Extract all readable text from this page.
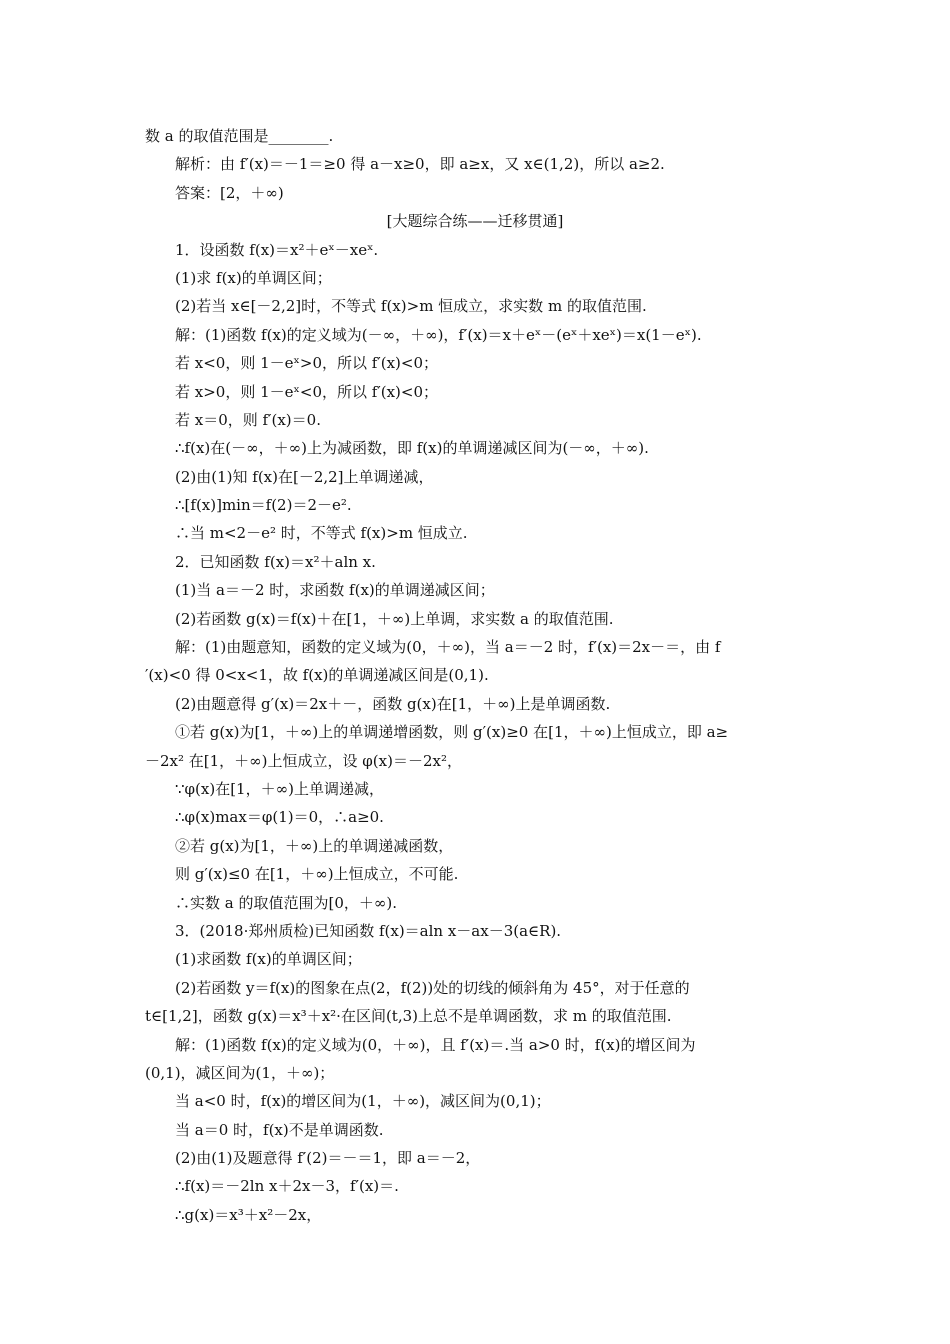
数 a 的取值范围是________.
解析：由 f′(x)＝－1＝≥0 得 a－x≥0，即 a≥x，又 x∈(1,2)，所以 a≥2.
答案：[2，＋∞)
[大题综合练——迁移贯通]
1．设函数 f(x)＝x²＋eˣ－xeˣ.
(1)求 f(x)的单调区间；
(2)若当 x∈[－2,2]时，不等式 f(x)>m 恒成立，求实数 m 的取值范围.
解：(1)函数 f(x)的定义域为(－∞，＋∞)，f′(x)＝x＋eˣ－(eˣ＋xeˣ)＝x(1－eˣ).
若 x<0，则 1－eˣ>0，所以 f′(x)<0；
若 x>0，则 1－eˣ<0，所以 f′(x)<0；
若 x＝0，则 f′(x)＝0.
∴f(x)在(－∞，＋∞)上为减函数，即 f(x)的单调递减区间为(－∞，＋∞).
(2)由(1)知 f(x)在[－2,2]上单调递减，
∴[f(x)]min＝f(2)＝2－e².
∴当 m<2－e² 时，不等式 f(x)>m 恒成立.
2．已知函数 f(x)＝x²＋aln x.
(1)当 a＝－2 时，求函数 f(x)的单调递减区间；
(2)若函数 g(x)＝f(x)＋在[1，＋∞)上单调，求实数 a 的取值范围.
解：(1)由题意知，函数的定义域为(0，＋∞)，当 a＝－2 时，f′(x)＝2x－＝，由 f
′(x)<0 得 0<x<1，故 f(x)的单调递减区间是(0,1).
(2)由题意得 g′(x)＝2x＋－，函数 g(x)在[1，＋∞)上是单调函数.
①若 g(x)为[1，＋∞)上的单调递增函数，则 g′(x)≥0 在[1，＋∞)上恒成立，即 a≥
－2x² 在[1，＋∞)上恒成立，设 φ(x)＝－2x²，
∵φ(x)在[1，＋∞)上单调递减，
∴φ(x)max＝φ(1)＝0，∴a≥0.
②若 g(x)为[1，＋∞)上的单调递减函数，
则 g′(x)≤0 在[1，＋∞)上恒成立，不可能.
∴实数 a 的取值范围为[0，＋∞).
3．(2018·郑州质检)已知函数 f(x)＝aln x－ax－3(a∈R).
(1)求函数 f(x)的单调区间；
(2)若函数 y＝f(x)的图象在点(2，f(2))处的切线的倾斜角为 45°，对于任意的
t∈[1,2]，函数 g(x)＝x³＋x²·在区间(t,3)上总不是单调函数，求 m 的取值范围.
解：(1)函数 f(x)的定义域为(0，＋∞)，且 f′(x)＝.当 a>0 时，f(x)的增区间为
(0,1)，减区间为(1，＋∞)；
当 a<0 时，f(x)的增区间为(1，＋∞)，减区间为(0,1)；
当 a＝0 时，f(x)不是单调函数.
(2)由(1)及题意得 f′(2)＝－＝1，即 a＝－2，
∴f(x)＝－2ln x＋2x－3，f′(x)＝.
∴g(x)＝x³＋x²－2x，
